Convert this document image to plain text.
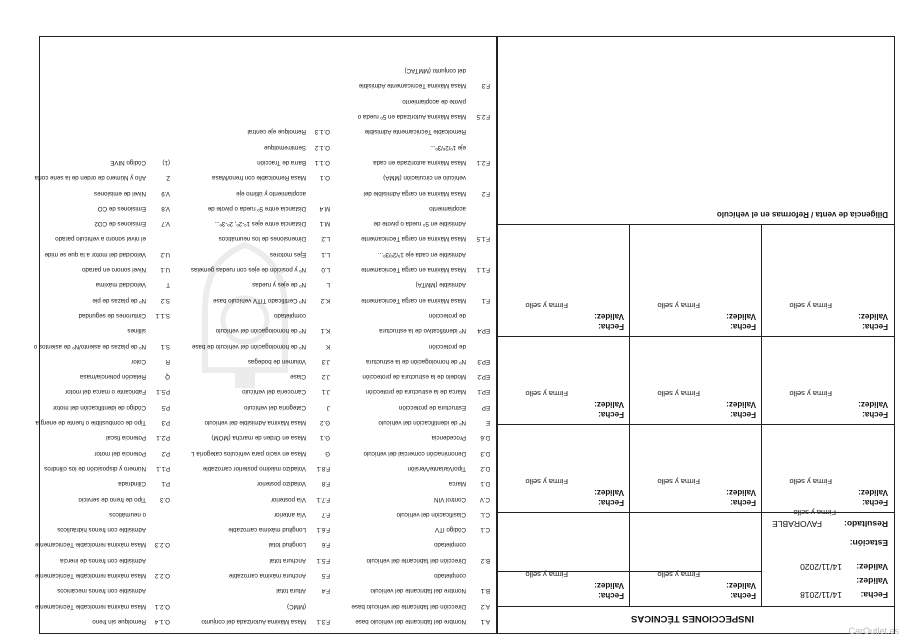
INSPECCIONES TÉCNICAS
Fecha:
14/11/2018
Validez:
Fecha:
Validez:
Firma y sello
Fecha:
Validez:
Firma y sello
Validez:
14/11/2020
Estación:
Resultado:
FAVORABLE
Firma y sello
Fecha:
Validez:
Firma y sello
Fecha:
Validez:
Firma y sello
Fecha:
Validez:
Firma y sello
Fecha:
Validez:
Firma y sello
Fecha:
Validez:
Firma y sello
Fecha:
Validez:
Firma y sello
Fecha:
Validez:
Firma y sello
Fecha:
Validez:
Firma y sello
Fecha:
Validez:
Firma y sello
Diligencia de venta / Reformas en el vehículo
A.1
Nombre del fabricante del vehículo base
A.2
Dirección del fabricante del vehículo base
B.1
Nombre del fabricante del vehículo
completado
B.2
Dirección del fabricante del vehículo
completado
C.1
Código ITV
C.L
Clasificación del vehículo
C.V
Control VIN
D.1
Marca
D.2
Tipo/Variante/Versión
D.3
Denominación comercial del vehículo
D.6
Procedencia
E
Nº de identificación del vehículo
EP
Estructura de protección
EP.1
Marca de la estructura de protección
EP.2
Modelo de la estructura de protección
EP.3
Nº de homologación de la estructura
de protección
EP.4
Nº identificativo de la estructura
de protección
F.1
Masa Máxima en carga Técnicamente
Admisible (MMTA)
F.1.1
Masa Máxima en carga Técnicamente
Admisible en cada eje 1º/2º/3º...
F.1.5
Masa Máxima en carga Técnicamente
Admisible en 5º rueda o pivote de
acoplamiento
F.2
Masa Máxima en carga Admisible del
vehículo en circulación (MMA)
F.2.1
Masa Máxima autorizada en cada
eje 1º/2º/3º...
Remolcable Técnicamente Admisible
F.2.5
Masa Máxima Autorizada en 5º rueda o
pivote de acoplamiento
F.3
Masa Máxima Técnicamente Admisible
del conjunto (MMTAC)
F.3.1
Masa Máxima Autorizada del conjunto
(MMC)
F.4
Altura total
F.5
Anchura máxima carrozable
F.5.1
Anchura total
F.6
Longitud total
F.6.1
Longitud máxima carrozable
F.7
Vía anterior
F.7.1
Vía posterior
F.8
Voladizo posterior
F.8.1
Voladizo máximo posterior carrozable
G
Masa en vacío para vehículos categoría L
G.1
Masa en Orden de marcha (MOM)
G.2
Masa Máxima Admisible del vehículo
J
Categoría del vehículo
J.1
Carrocería del vehículo
J.2
Clase
J.3
Volumen de bodegas
K
Nº de homologación del vehículo de base
K.1
Nº de homologación del vehículo
completado
K.2
Nº Certificado TITV vehículo base
L
Nº de ejes y ruedas
L.0
Nº y posición de ejes con ruedas gemelas
L.1
Ejes motores
L.2
Dimensiones de los neumáticos
M.1
Distancia entre ejes 1º-2º, 2º-3º...
M.4
Distancia entre 5º rueda o pivote de
acoplamiento y último eje
O.1
Masa Remolcable con freno/Masa
O.1.1
Barra de Tracción
O.1.2
Semirremolque
O.1.3
Remolque eje central
O.1.4
Remolque sin freno
O.2.1
Masa máxima remolcable Técnicamente
Admisible con frenos mecánicos
O.2.2
Masa máxima remolcable Técnicamente
Admisible con frenos de inercia
O.2.3
Masa máxima remolcable Técnicamente
Admisible con frenos hidráulicos
o neumáticos
O.3
Tipo de freno de servicio
P.1
Cilindrada
P.1.1
Número y disposición de los cilindros
P.2
Potencia del motor
P.2.1
Potencia fiscal
P.3
Tipo de combustible o fuente de energía
P.5
Código de identificación del motor
P.5.1
Fabricante o marca del motor
Q
Relación potencia/masa
R
Color
S.1
Nº de plazas de asiento/Nº de asientos o
sillines
S.1.1
Cinturones de seguridad
S.2
Nº de plazas de pie
T
Velocidad máxima
U.1
Nivel sonoro en parado
U.2
Velocidad del motor a la que se mide
el nivel sonoro a vehículo parado
V.7
Emisiones de CO2
V.8
Emisiones de CO
V.9
Nivel de emisiones
Z
Año y Número de orden de la serie corta
(1)
Código NIVE
CarOutlet.es
